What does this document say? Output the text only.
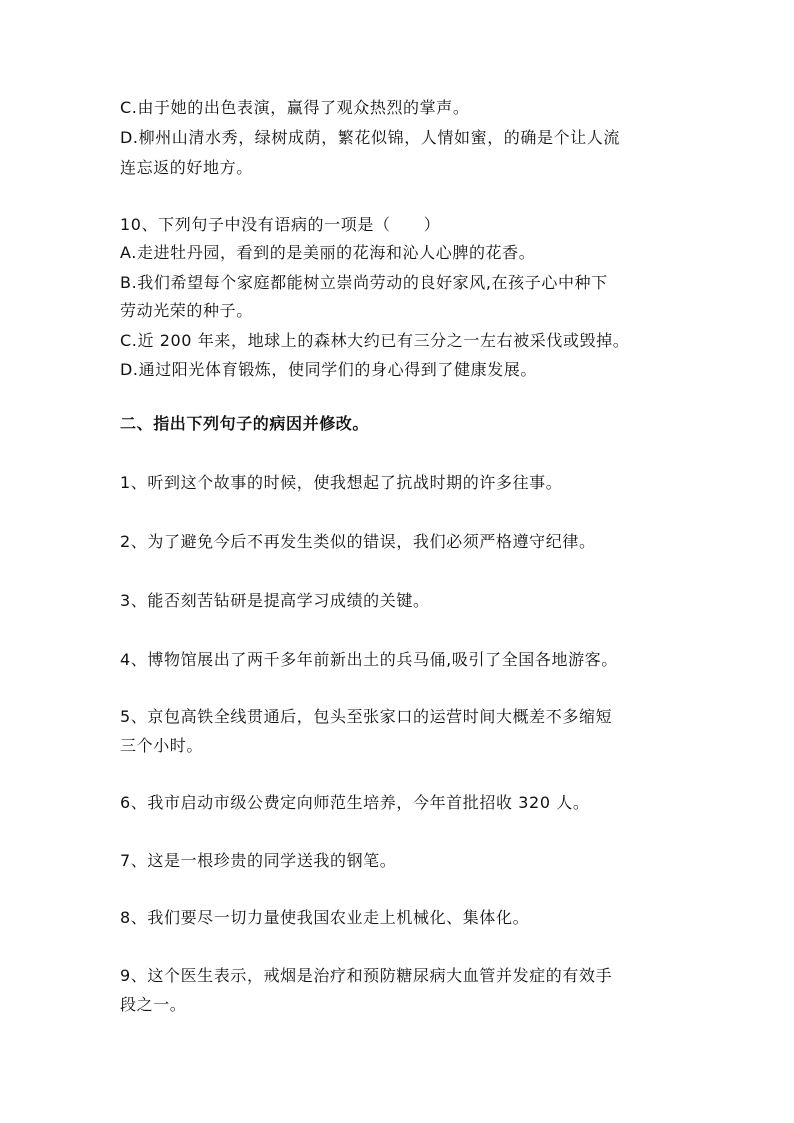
C.由于她的出色表演，赢得了观众热烈的掌声。
D.柳州山清水秀，绿树成荫，繁花似锦，人情如蜜，的确是个让人流
连忘返的好地方。
10、下列句子中没有语病的一项是（　　）
A.走进牡丹园，看到的是美丽的花海和沁人心脾的花香。
B.我们希望每个家庭都能树立崇尚劳动的良好家风,在孩子心中种下
劳动光荣的种子。
C.近 200 年来，地球上的森林大约已有三分之一左右被采伐或毁掉。
D.通过阳光体育锻炼，使同学们的身心得到了健康发展。
二、指出下列句子的病因并修改。
1、听到这个故事的时候，使我想起了抗战时期的许多往事。
2、为了避免今后不再发生类似的错误，我们必须严格遵守纪律。
3、能否刻苦钻研是提高学习成绩的关键。
4、博物馆展出了两千多年前新出土的兵马俑,吸引了全国各地游客。
5、京包高铁全线贯通后，包头至张家口的运营时间大概差不多缩短
三个小时。
6、我市启动市级公费定向师范生培养，今年首批招收 320 人。
7、这是一根珍贵的同学送我的钢笔。
8、我们要尽一切力量使我国农业走上机械化、集体化。
9、这个医生表示，戒烟是治疗和预防糖尿病大血管并发症的有效手
段之一。
